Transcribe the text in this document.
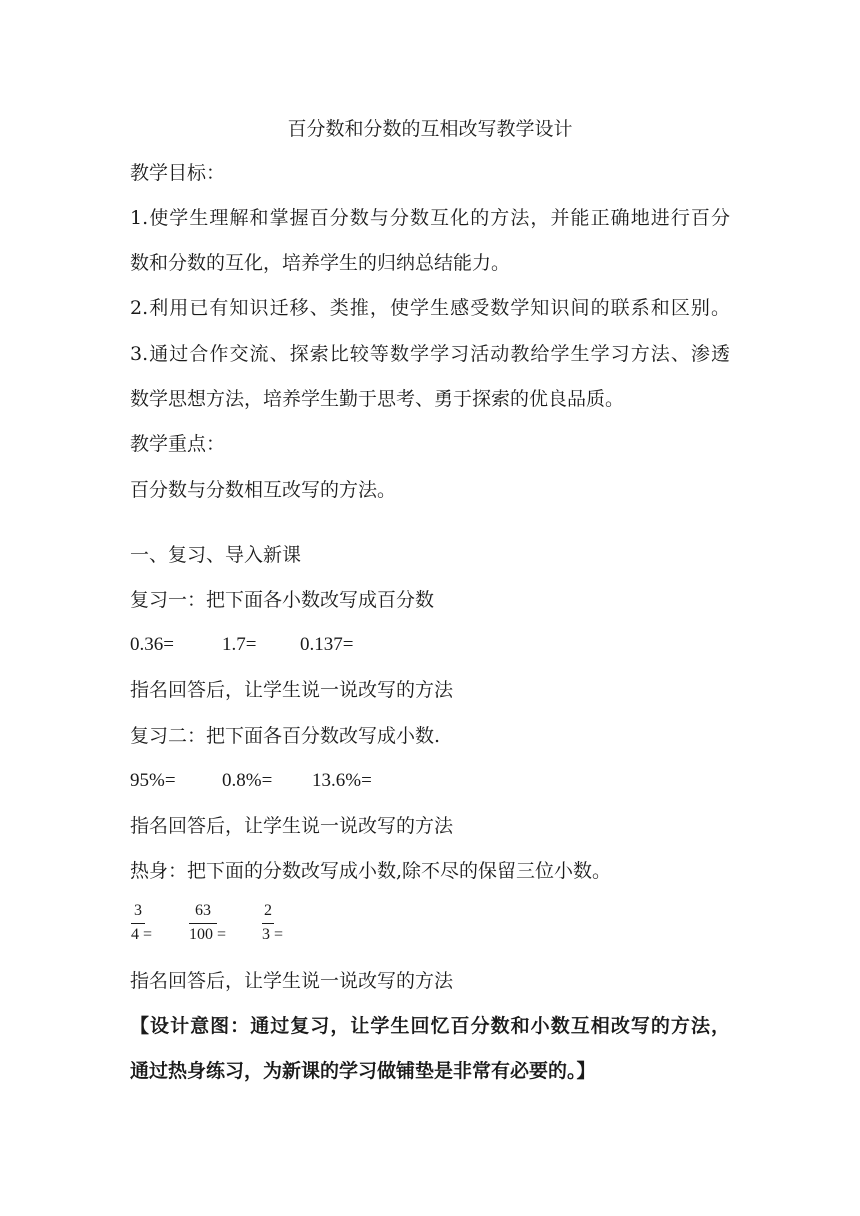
百分数和分数的互相改写教学设计
教学目标：
1.使学生理解和掌握百分数与分数互化的方法，并能正确地进行百分
数和分数的互化，培养学生的归纳总结能力。
2.利用已有知识迁移、类推，使学生感受数学知识间的联系和区别。
3.通过合作交流、探索比较等数学学习活动教给学生学习方法、渗透
数学思想方法，培养学生勤于思考、勇于探索的优良品质。
教学重点：
百分数与分数相互改写的方法。
一、复习、导入新课
复习一：把下面各小数改写成百分数
0.36=	1.7= 0.137=
指名回答后，让学生说一说改写的方法
复习二：把下面各百分数改写成小数.
95%= 0.8%= 13.6%=
指名回答后，让学生说一说改写的方法
热身：把下面的分数改写成小数,除不尽的保留三位小数。
3
4 =
63
100 =
2
3 =
指名回答后，让学生说一说改写的方法
【设计意图：通过复习，让学生回忆百分数和小数互相改写的方法，
通过热身练习，为新课的学习做铺垫是非常有必要的。】
